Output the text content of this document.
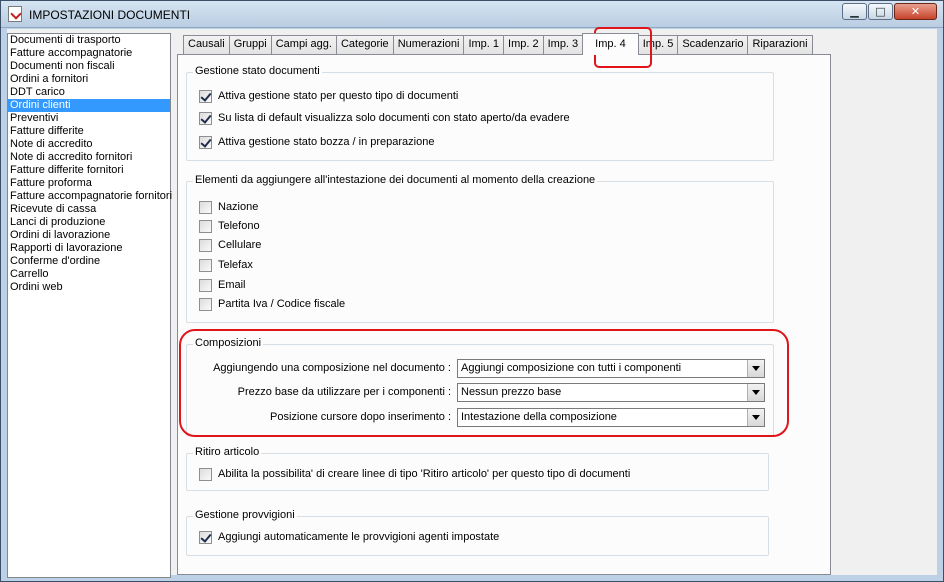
IMPOSTAZIONI DOCUMENTI	▁	□	✕
Documenti di trasporto
Fatture accompagnatorie
Documenti non fiscali
Ordini a fornitori
DDT carico
Ordini clienti
Preventivi
Fatture differite
Note di accredito
Note di accredito fornitori
Fatture differite fornitori
Fatture proforma
Fatture accompagnatorie fornitori
Ricevute di cassa
Lanci di produzione
Ordini di lavorazione
Rapporti di lavorazione
Conferme d'ordine
Carrello
Ordini web
Causali Gruppi Campi agg. Categorie Numerazioni Imp. 1 Imp. 2 Imp. 3	Imp. 4	Imp. 5 Scadenzario Riparazioni
Gestione stato documenti
Attiva gestione stato per questo tipo di documenti
Su lista di default visualizza solo documenti con stato aperto/da evadere
Attiva gestione stato bozza / in preparazione
Elementi da aggiungere all'intestazione dei documenti al momento della creazione
Nazione
Telefono
Cellulare
Telefax
Email
Partita Iva / Codice fiscale
Composizioni
Aggiungendo una composizione nel documento : Aggiungi composizione con tutti i componenti
Prezzo base da utilizzare per i componenti : Nessun prezzo base
Posizione cursore dopo inserimento : Intestazione della composizione
Ritiro articolo
Abilita la possibilita' di creare linee di tipo 'Ritiro articolo' per questo tipo di documenti
Gestione provvigioni
Aggiungi automaticamente le provvigioni agenti impostate
